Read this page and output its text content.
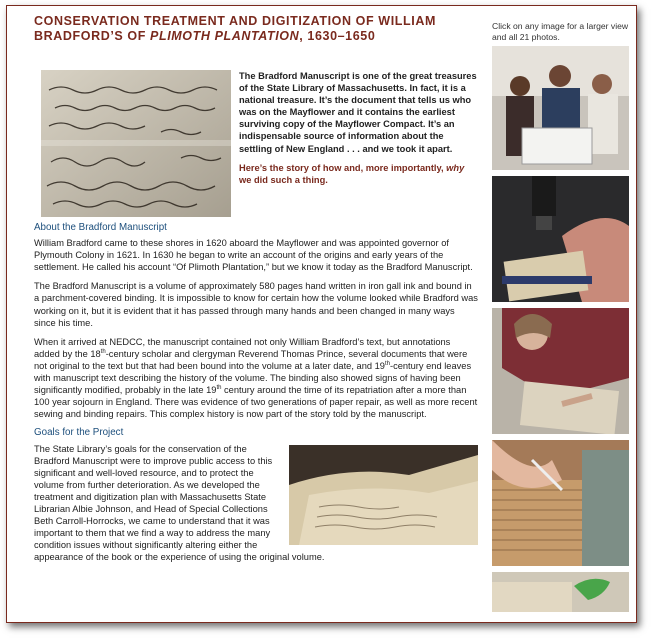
CONSERVATION TREATMENT AND DIGITIZATION OF WILLIAM BRADFORD’S OF PLIMOTH PLANTATION, 1630–1650

The Bradford Manuscript is one of the great treasures of the State Library of Massachusetts. In fact, it is a national treasure. It’s the document that tells us who was on the Mayflower and it contains the earliest surviving copy of the Mayflower Compact. It’s an indispensable source of information about the settling of New England . . . and we took it apart.

Here’s the story of how and, more importantly, why we did such a thing.

About the Bradford Manuscript

William Bradford came to these shores in 1620 aboard the Mayflower and was appointed governor of Plymouth Colony in 1621. In 1630 he began to write an account of the origins and early years of the settlement. He called his account “Of Plimoth Plantation,” but we know it today as the Bradford Manuscript.

The Bradford Manuscript is a volume of approximately 580 pages hand written in iron gall ink and bound in a parchment-covered binding. It is impossible to know for certain how the volume looked while Bradford was working on it, but it is evident that it has passed through many hands and been changed in many ways since his time.

When it arrived at NEDCC, the manuscript contained not only William Bradford’s text, but annotations added by the 18th-century scholar and clergyman Reverend Thomas Prince, several documents that were not original to the text but that had been bound into the volume at a later date, and 19th-century end leaves with manuscript text describing the history of the volume. The binding also showed signs of having been significantly modified, probably in the late 19th century around the time of its repatriation after a more than 100 year sojourn in England. There was evidence of two generations of paper repair, as well as more recent sewing and binding repairs. This complex history is now part of the story told by the manuscript.

Goals for the Project

The State Library’s goals for the conservation of the Bradford Manuscript were to improve public access to this significant and well-loved resource, and to protect the volume from further deterioration. As we developed the treatment and digitization plan with Massachusetts State Librarian Albie Johnson, and Head of Special Collections Beth Carroll-Horrocks, we came to understand that it was important to them that we find a way to address the many condition issues without significantly altering either the appearance of the book or the experience of using the original volume.

Click on any image for a larger view and all 21 photos.
